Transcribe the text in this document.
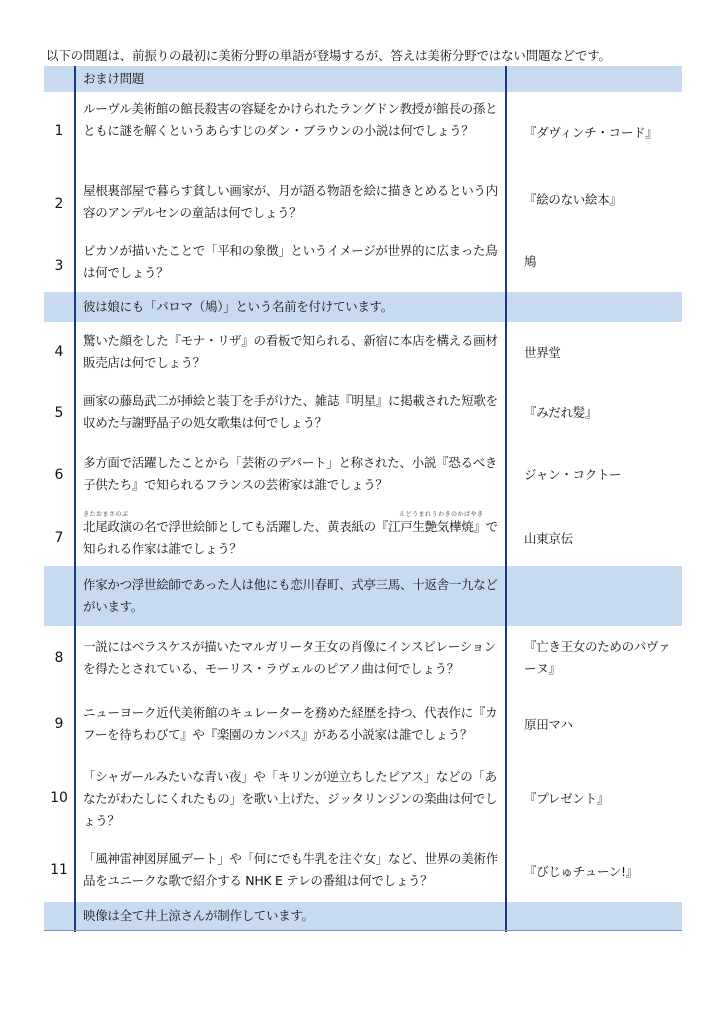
以下の問題は、前振りの最初に美術分野の単語が登場するが、答えは美術分野ではない問題などです。
おまけ問題
1
ルーヴル美術館の館長殺害の容疑をかけられたラングドン教授が館長の孫とともに謎を解くというあらすじのダン・ブラウンの小説は何でしょう？	『ダヴィンチ・コード』
2
屋根裏部屋で暮らす貧しい画家が、月が語る物語を絵に描きとめるという内容のアンデルセンの童話は何でしょう？
『絵のない絵本』
3
ピカソが描いたことで「平和の象徴」というイメージが世界的に広まった鳥は何でしょう？
鳩
彼は娘にも「パロマ（鳩）」という名前を付けています。
4
驚いた顔をした『モナ・リザ』の看板で知られる、新宿に本店を構える画材販売店は何でしょう？
世界堂
5
画家の藤島武二が挿絵と装丁を手がけた、雑誌『明星』に掲載された短歌を収めた与謝野晶子の処女歌集は何でしょう？
『みだれ髪』
6
多方面で活躍したことから「芸術のデパート」と称された、小説『恐るべき子供たち』で知られるフランスの芸術家は誰でしょう？
ジャン・コクトー
きたおまさのぶ	えどうまれうわきのかばやき
7
北尾政演の名で浮世絵師としても活躍した、黄表紙の『江戸生艶気樺焼』で知られる作家は誰でしょう？
山東京伝
作家かつ浮世絵師であった人は他にも恋川春町、式亭三馬、十返舎一九などがいます。
8
一説にはベラスケスが描いたマルガリータ王女の肖像にインスピレーションを得たとされている、モーリス・ラヴェルのピアノ曲は何でしょう？
『亡き王女のためのパヴァーヌ』
9
ニューヨーク近代美術館のキュレーターを務めた経歴を持つ、代表作に『カフーを待ちわびて』や『楽園のカンバス』がある小説家は誰でしょう？
原田マハ
10
「シャガールみたいな青い夜」や「キリンが逆立ちしたピアス」などの「あなたがわたしにくれたもの」を歌い上げた、ジッタリンジンの楽曲は何でしょう？
『プレゼント』
11
「風神雷神図屏風デート」や「何にでも牛乳を注ぐ女」など、世界の美術作品をユニークな歌で紹介する NHK E テレの番組は何でしょう？
『びじゅチューン!』
映像は全て井上涼さんが制作しています。
